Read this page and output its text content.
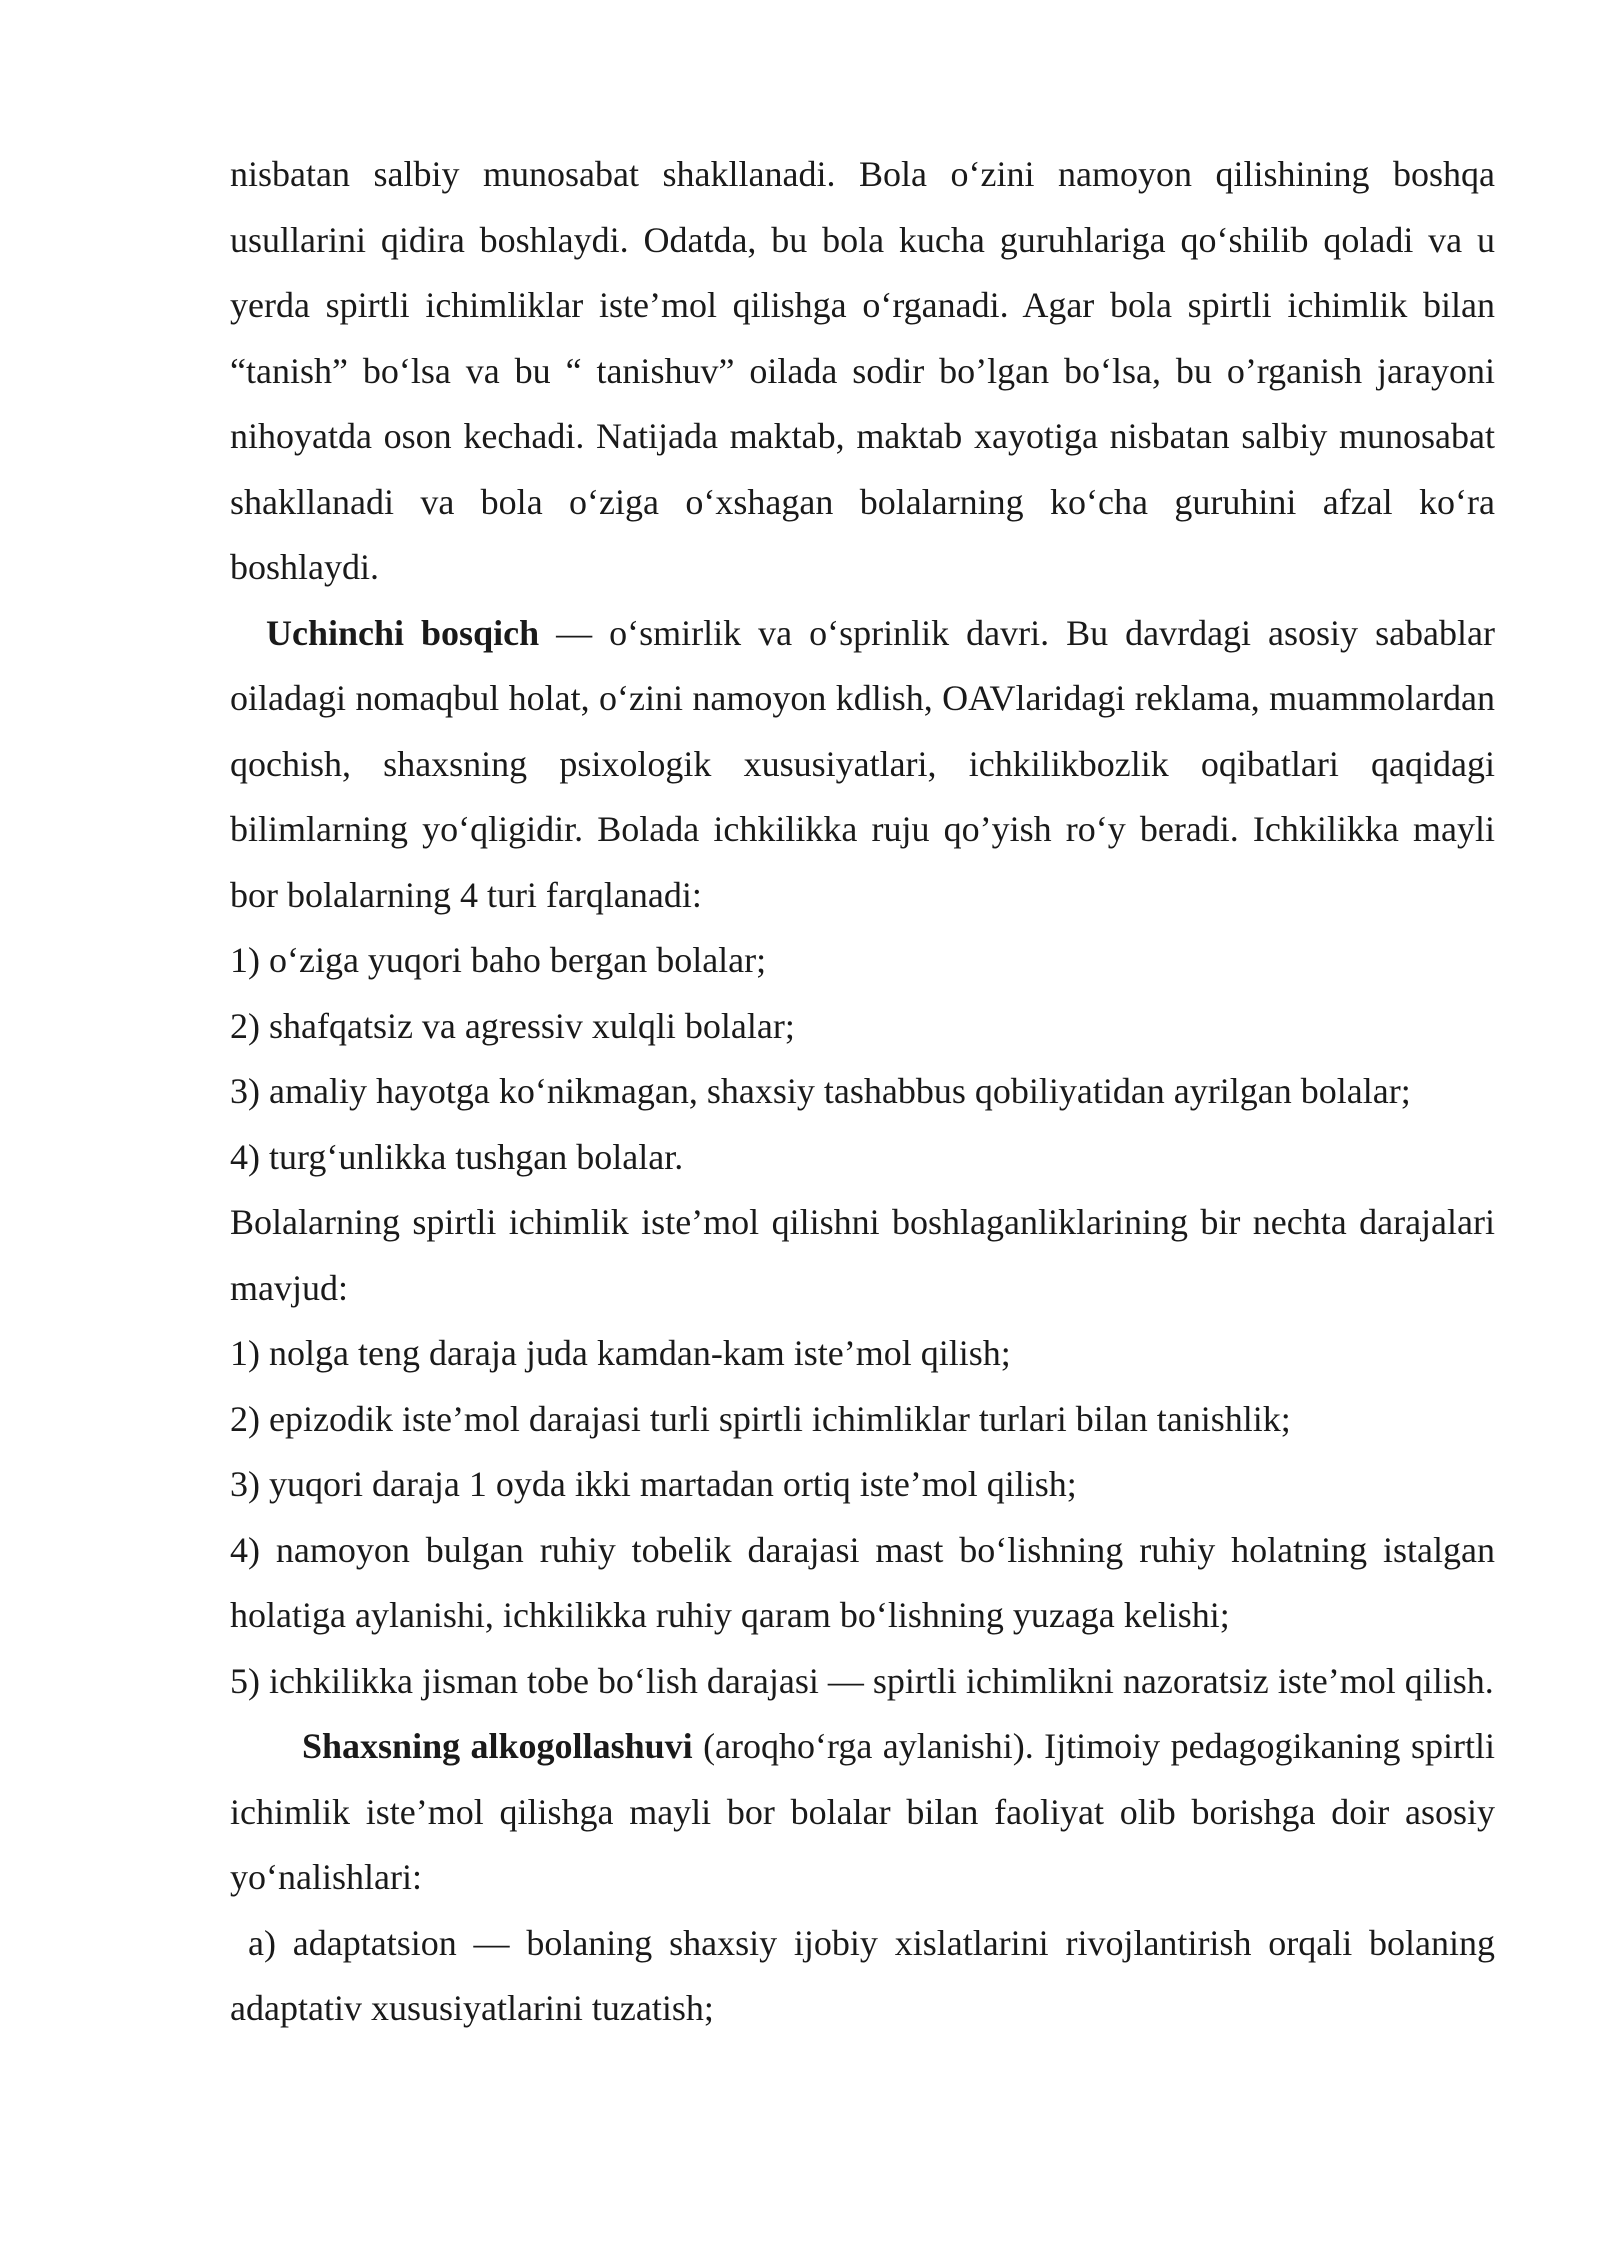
nisbatan salbiy munosabat shakllanadi. Bola o‘zini namoyon qilishining boshqa usullarini qidira boshlaydi. Odatda, bu bola kucha guruhlariga qo‘shilib qoladi va u yerda spirtli ichimliklar iste’mol qilishga o‘rganadi. Agar bola spirtli ichimlik bilan “tanish” bo‘lsa va bu “ tanishuv” oilada sodir bo’lgan bo‘lsa, bu o’rganish jarayoni nihoyatda oson kechadi. Natijada maktab, maktab xayotiga nisbatan salbiy munosabat shakllanadi va bola o‘ziga o‘xshagan bolalarning ko‘cha guruhini afzal ko‘ra boshlaydi.

Uchinchi bosqich — o‘smirlik va o‘sprinlik davri. Bu davrdagi asosiy sabablar oiladagi nomaqbul holat, o‘zini namoyon kdlish, OAVlaridagi reklama, muammolardan qochish, shaxsning psixologik xususiyatlari, ichkilikbozlik oqibatlari qaqidagi bilimlarning yo‘qligidir. Bolada ichkilikka ruju qo’yish ro‘y beradi. Ichkilikka mayli bor bolalarning 4 turi farqlanadi:

1) o‘ziga yuqori baho bergan bolalar;

2) shafqatsiz va agressiv xulqli bolalar;

3) amaliy hayotga ko‘nikmagan, shaxsiy tashabbus qobiliyatidan ayrilgan bolalar;

4) turg‘unlikka tushgan bolalar.

Bolalarning spirtli ichimlik iste’mol qilishni boshlaganliklarining bir nechta darajalari mavjud:

1) nolga teng daraja juda kamdan-kam iste’mol qilish;

2) epizodik iste’mol darajasi turli spirtli ichimliklar turlari bilan tanishlik;

3) yuqori daraja 1 oyda ikki martadan ortiq iste’mol qilish;

4) namoyon bulgan ruhiy tobelik darajasi mast bo‘lishning ruhiy holatning istalgan holatiga aylanishi, ichkilikka ruhiy qaram bo‘lishning yuzaga kelishi;

5) ichkilikka jisman tobe bo‘lish darajasi — spirtli ichimlikni nazoratsiz iste’mol qilish.

Shaxsning alkogollashuvi (aroqho‘rga aylanishi). Ijtimoiy pedagogikaning spirtli ichimlik iste’mol qilishga mayli bor bolalar bilan faoliyat olib borishga doir asosiy yo‘nalishlari:

a) adaptatsion — bolaning shaxsiy ijobiy xislatlarini rivojlantirish orqali bolaning adaptativ xususiyatlarini tuzatish;
